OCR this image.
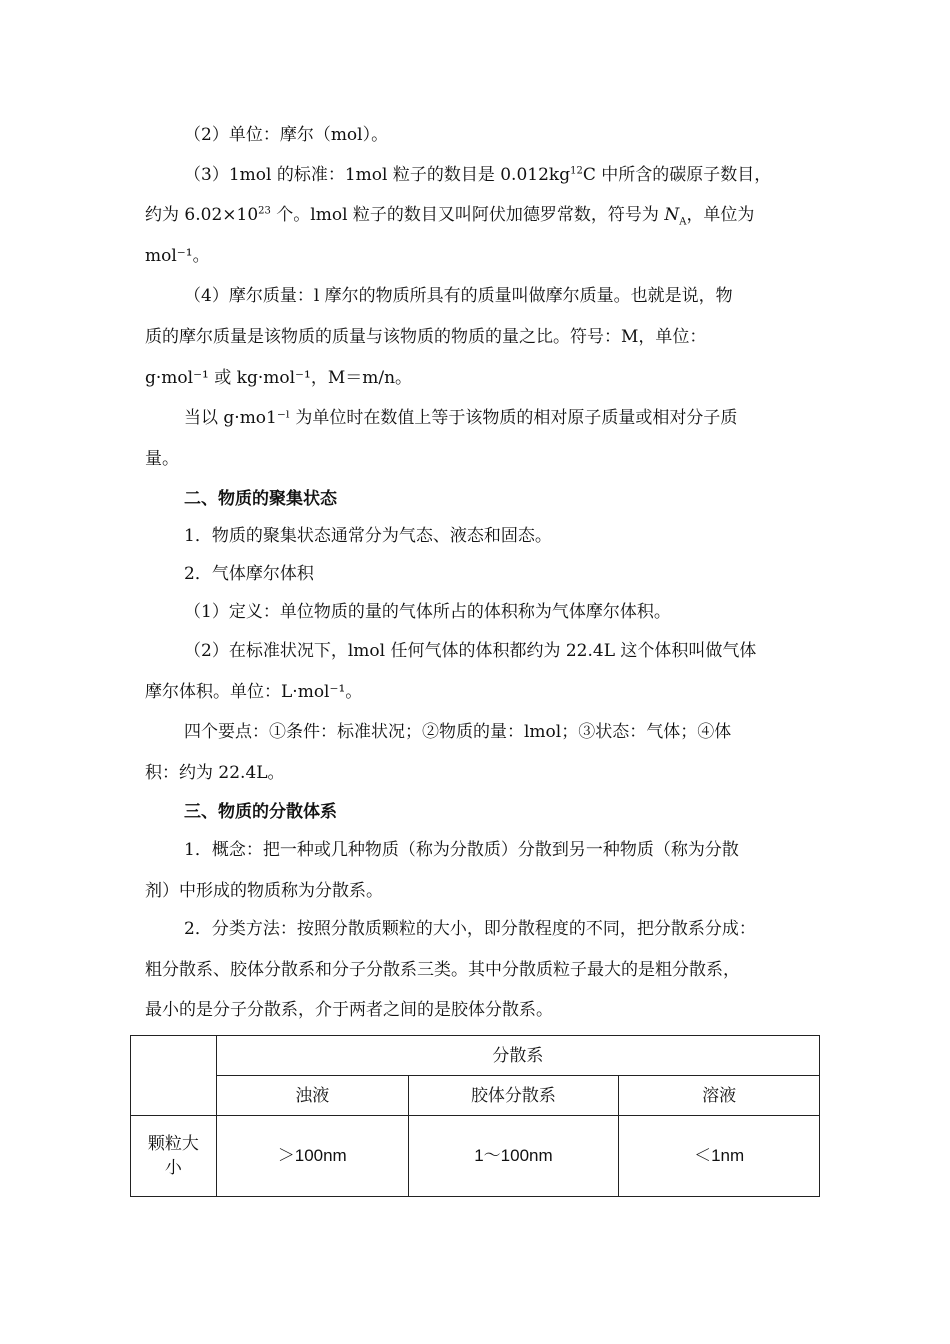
（2）单位：摩尔（mol）。
（3）1mol 的标准：1mol 粒子的数目是 $0.012kg^{12}C$ 中所含的碳原子数目，
约为 $6.02\times 10^{23}$ 个。lmol 粒子的数目又叫阿伏加德罗常数，符号为 $N_A$，单位为
mol⁻¹。
（4）摩尔质量：l 摩尔的物质所具有的质量叫做摩尔质量。也就是说，物
质的摩尔质量是该物质的质量与该物质的物质的量之比。符号：M，单位：
g·mol⁻¹ 或 kg·mol⁻¹，M＝m/n。
当以 g·mo1⁻ˡ 为单位时在数值上等于该物质的相对原子质量或相对分子质
量。
二、物质的聚集状态
1．物质的聚集状态通常分为气态、液态和固态。
2．气体摩尔体积
（1）定义：单位物质的量的气体所占的体积称为气体摩尔体积。
（2）在标准状况下，lmol 任何气体的体积都约为 22.4L 这个体积叫做气体
摩尔体积。单位：L·mol⁻¹。
四个要点：①条件：标准状况；②物质的量：lmol；③状态：气体；④体
积：约为 22.4L。
三、物质的分散体系
1．概念：把一种或几种物质（称为分散质）分散到另一种物质（称为分散
剂）中形成的物质称为分散系。
2．分类方法：按照分散质颗粒的大小，即分散程度的不同，把分散系分成：
粗分散系、胶体分散系和分子分散系三类。其中分散质粒子最大的是粗分散系，
最小的是分子分散系，介于两者之间的是胶体分散系。
	分散系		
	浊液	胶体分散系	溶液
颗粒大
小	＞100nm	1～100nm	＜1nm
